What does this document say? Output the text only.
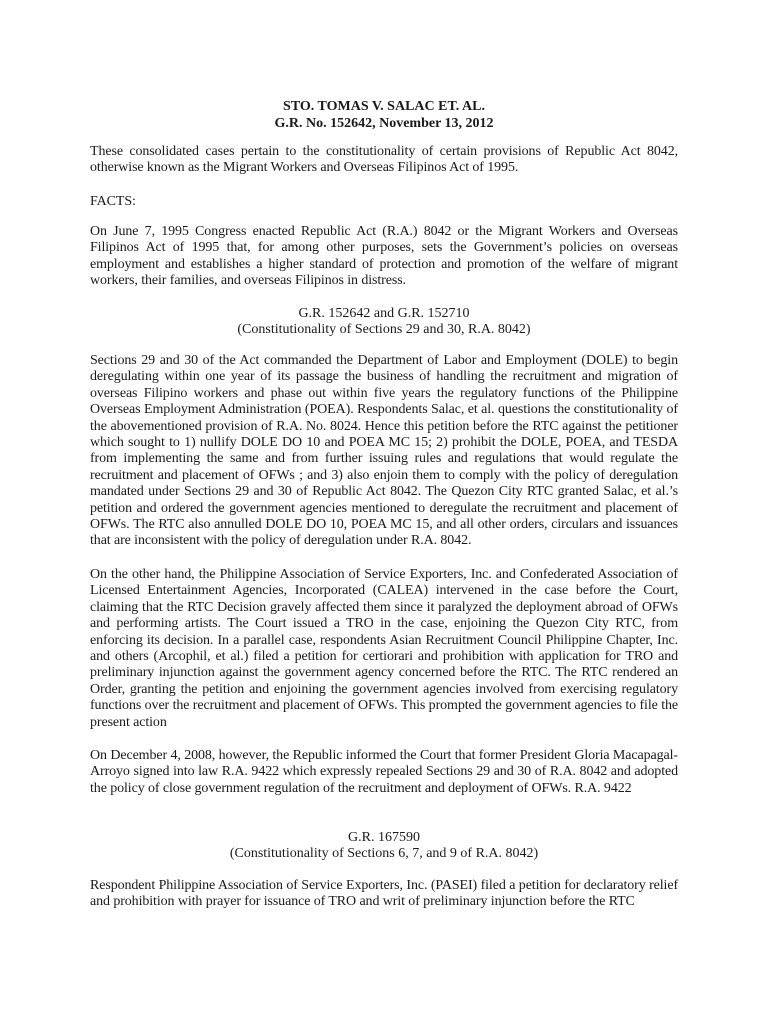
STO. TOMAS V. SALAC ET. AL.
G.R. No. 152642, November 13, 2012

These consolidated cases pertain to the constitutionality of certain provisions of Republic Act 8042, otherwise known as the Migrant Workers and Overseas Filipinos Act of 1995.

FACTS:

On June 7, 1995 Congress enacted Republic Act (R.A.) 8042 or the Migrant Workers and Overseas Filipinos Act of 1995 that, for among other purposes, sets the Government’s policies on overseas employment and establishes a higher standard of protection and promotion of the welfare of migrant workers, their families, and overseas Filipinos in distress.

G.R. 152642 and G.R. 152710
(Constitutionality of Sections 29 and 30, R.A. 8042)

Sections 29 and 30 of the Act commanded the Department of Labor and Employment (DOLE) to begin deregulating within one year of its passage the business of handling the recruitment and migration of overseas Filipino workers and phase out within five years the regulatory functions of the Philippine Overseas Employment Administration (POEA). Respondents Salac, et al. questions the constitutionality of the abovementioned provision of R.A. No. 8024. Hence this petition before the RTC against the petitioner which sought to 1) nullify DOLE DO 10 and POEA MC 15; 2) prohibit the DOLE, POEA, and TESDA from implementing the same and from further issuing rules and regulations that would regulate the recruitment and placement of OFWs ; and 3) also enjoin them to comply with the policy of deregulation mandated under Sections 29 and 30 of Republic Act 8042. The Quezon City RTC granted Salac, et al.’s petition and ordered the government agencies mentioned to deregulate the recruitment and placement of OFWs. The RTC also annulled DOLE DO 10, POEA MC 15, and all other orders, circulars and issuances that are inconsistent with the policy of deregulation under R.A. 8042.

On the other hand, the Philippine Association of Service Exporters, Inc. and Confederated Association of Licensed Entertainment Agencies, Incorporated (CALEA) intervened in the case before the Court, claiming that the RTC Decision gravely affected them since it paralyzed the deployment abroad of OFWs and performing artists. The Court issued a TRO in the case, enjoining the Quezon City RTC, from enforcing its decision. In a parallel case, respondents Asian Recruitment Council Philippine Chapter, Inc. and others (Arcophil, et al.) filed a petition for certiorari and prohibition with application for TRO and preliminary injunction against the government agency concerned before the RTC. The RTC rendered an Order, granting the petition and enjoining the government agencies involved from exercising regulatory functions over the recruitment and placement of OFWs. This prompted the government agencies to file the present action

On December 4, 2008, however, the Republic informed the Court that former President Gloria Macapagal-Arroyo signed into law R.A. 9422 which expressly repealed Sections 29 and 30 of R.A. 8042 and adopted the policy of close government regulation of the recruitment and deployment of OFWs. R.A. 9422

G.R. 167590
(Constitutionality of Sections 6, 7, and 9 of R.A. 8042)

Respondent Philippine Association of Service Exporters, Inc. (PASEI) filed a petition for declaratory relief and prohibition with prayer for issuance of TRO and writ of preliminary injunction before the RTC
